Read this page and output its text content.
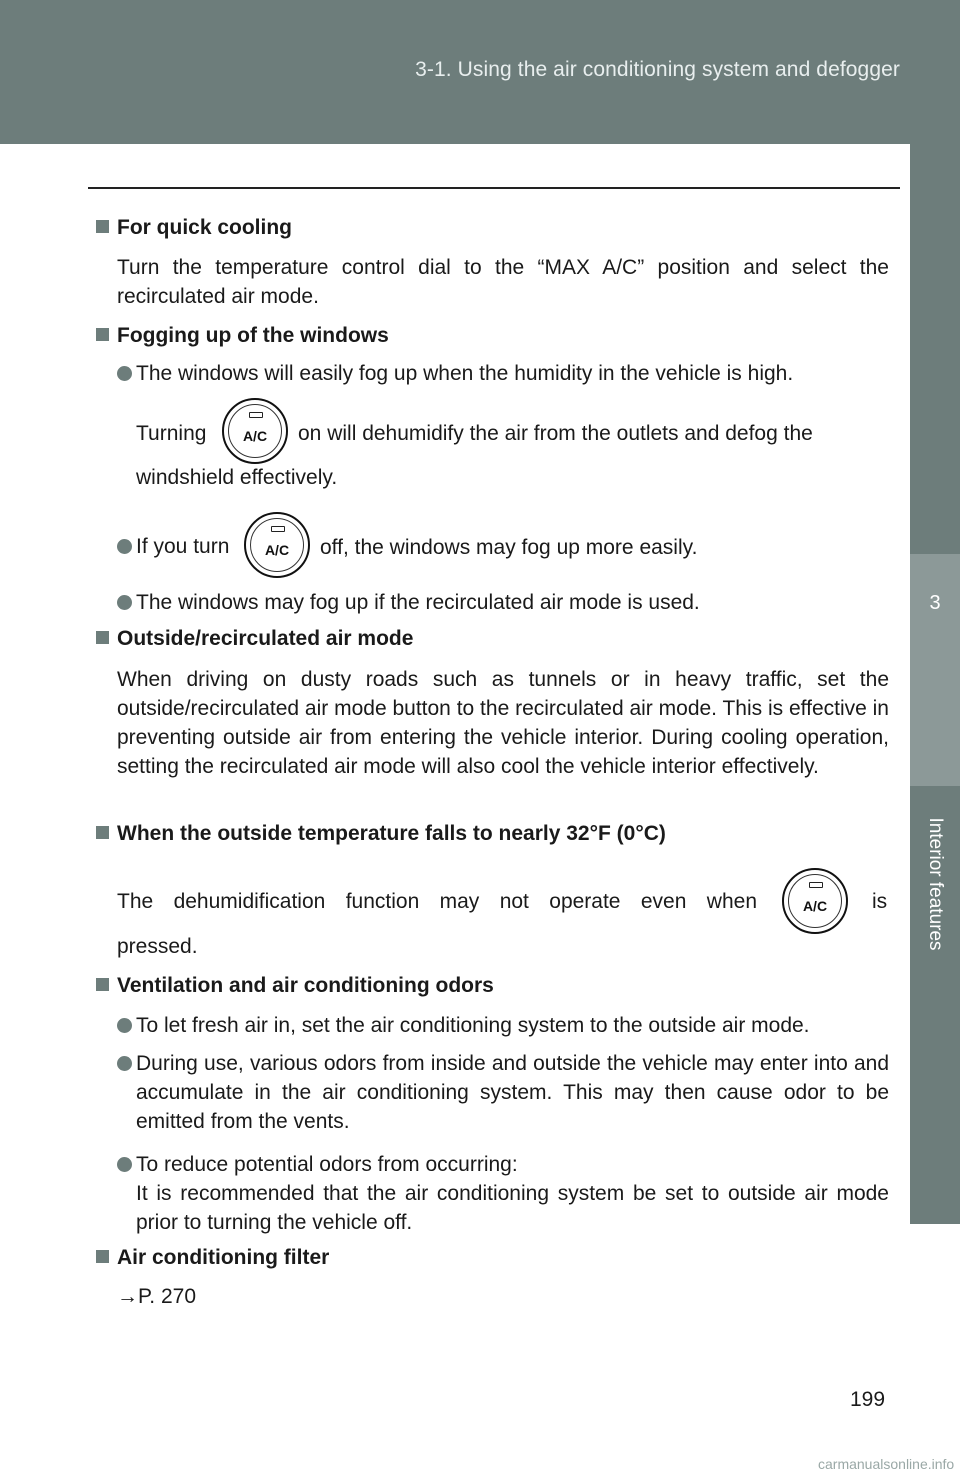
3-1. Using the air conditioning system and defogger
3
Interior features
For quick cooling
Turn the temperature control dial to the “MAX A/C” position and select the recirculated air mode.
Fogging up of the windows
The windows will easily fog up when the humidity in the vehicle is high.
Turning	A/C	on will dehumidify the air from the outlets and defog the
windshield effectively.
If you turn	A/C	off, the windows may fog up more easily.
The windows may fog up if the recirculated air mode is used.
Outside/recirculated air mode
When driving on dusty roads such as tunnels or in heavy traffic, set the outside/recirculated air mode button to the recirculated air mode. This is effective in preventing outside air from entering the vehicle interior. During cooling operation, setting the recirculated air mode will also cool the vehicle interior effectively.
When the outside temperature falls to nearly 32°F (0°C)
The dehumidification function may not operate even when	A/C	is
pressed.
Ventilation and air conditioning odors
To let fresh air in, set the air conditioning system to the outside air mode.
During use, various odors from inside and outside the vehicle may enter into and accumulate in the air conditioning system. This may then cause odor to be emitted from the vents.
To reduce potential odors from occurring:
It is recommended that the air conditioning system be set to outside air mode prior to turning the vehicle off.
Air conditioning filter
→P. 270
199
carmanualsonline.info
